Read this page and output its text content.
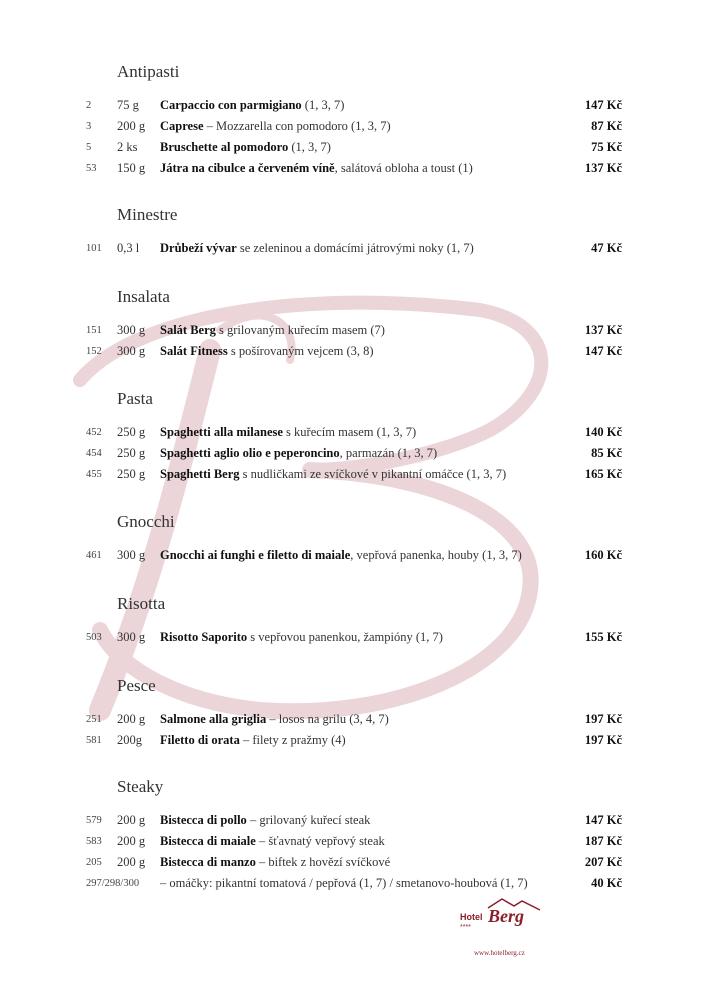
Antipasti
2 75 g Carpaccio con parmigiano (1, 3, 7)	147 Kč
3 200 g Caprese – Mozzarella con pomodoro (1, 3, 7)	87 Kč
5 2 ks Bruschette al pomodoro (1, 3, 7)	75 Kč
53 150 g Játra na cibulce a červeném víně, salátová obloha a toust (1)	137 Kč
Minestre
101 0,3 l Drůbeží vývar se zeleninou a domácími játrovými noky (1, 7)	47 Kč
Insalata
151 300 g Salát Berg s grilovaným kuřecím masem (7)	137 Kč
152 300 g Salát Fitness s pošírovaným vejcem (3, 8)	147 Kč
Pasta
452 250 g Spaghetti alla milanese s kuřecím masem (1, 3, 7)	140 Kč
454 250 g Spaghetti aglio olio e peperoncino, parmazán (1, 3, 7)	85 Kč
455 250 g Spaghetti Berg s nudličkami ze svíčkové v pikantní omáčce (1, 3, 7)	165 Kč
Gnocchi
461 300 g Gnocchi ai funghi e filetto di maiale, vepřová panenka, houby (1, 3, 7)	160 Kč
Risotta
503 300 g Risotto Saporito s vepřovou panenkou, žampióny (1, 7)	155 Kč
Pesce
251 200 g Salmone alla griglia – losos na grilu (3, 4, 7)	197 Kč
581 200g Filetto di orata – filety z pražmy (4)	197 Kč
Steaky
579 200 g Bistecca di pollo – grilovaný kuřecí steak	147 Kč
583 200 g Bistecca di maiale – šťavnatý vepřový steak	187 Kč
205 200 g Bistecca di manzo – biftek z hovězí svíčkové	207 Kč
297/298/300 – omáčky: pikantní tomatová / pepřová (1, 7) / smetanovo-houbová (1, 7)	40 Kč
Hotel Berg
****
www.hotelberg.cz
